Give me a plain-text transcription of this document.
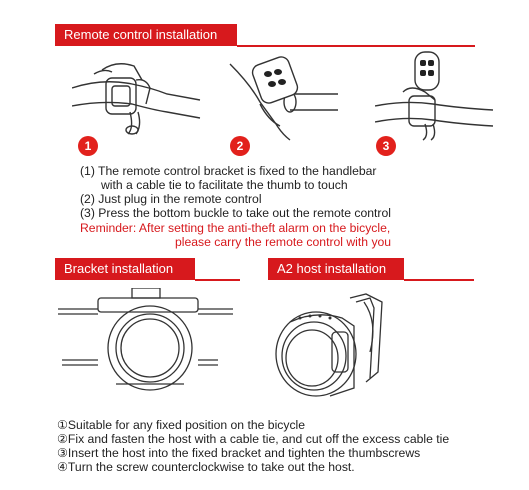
Remote control installation
1	2	3
(1) The remote control bracket is fixed to the handlebar
with a cable tie to facilitate the thumb to touch
(2) Just plug in the remote control
(3) Press the bottom buckle to take out the remote control
Reminder: After setting the anti-theft alarm on the bicycle,
please carry the remote control with you
Bracket installation	A2 host installation
①Suitable for any fixed position on the bicycle
②Fix and fasten the host with a cable tie, and cut off the excess cable tie
③Insert the host into the fixed bracket and tighten the thumbscrews
④Turn the screw counterclockwise to take out the host.
